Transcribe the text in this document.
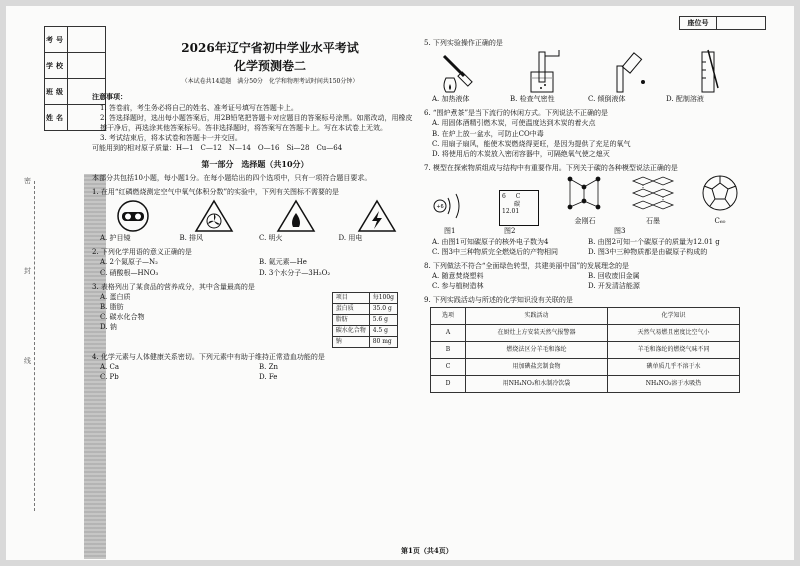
考号
学校
班级
姓名
密
封
线
座位号
2026年辽宁省初中学业水平考试
化学预测卷二
（本试卷共14道题　满分50分　化学和物理考试时间共150分钟）
注意事项：
1. 答卷前，考生务必将自己的姓名、准考证号填写在答题卡上。
2. 答选择题时，选出每小题答案后，用2B铅笔把答题卡对应题目的答案标号涂黑。如需改动，用橡皮擦干净后，再选涂其他答案标号。答非选择题时，将答案写在答题卡上。写在本试卷上无效。
3. 考试结束后，将本试卷和答题卡一并交回。
可能用到的相对原子质量：H—1　C—12　N—14　O—16　Si—28　Cu—64
第一部分　选择题（共10分）
本部分共包括10小题，每小题1分。在每小题给出的四个选项中，只有一项符合题目要求。
1. 在用“红磷燃烧测定空气中氧气体积分数”的实验中，下列有关图标不需要的是
A. 护目镜	B. 排风	C. 明火	D. 用电
2. 下列化学用语的意义正确的是
A. 2个氮原子—N₂	B. 氦元素—He
C. 硝酸根—HNO₃	D. 3个水分子—3H₂O₂
3. 表格列出了某食品的营养成分，其中含量最高的是
A. 蛋白质
B. 脂肪
C. 碳水化合物
D. 钠
项目	每100g
蛋白质	35.0 g
脂肪	5.6 g
碳水化合物	4.5 g
钠	80 mg
4. 化学元素与人体健康关系密切。下列元素中有助于维持正常造血功能的是
A. Ca	B. Zn
C. Pb	D. Fe
5. 下列实验操作正确的是
A. 加热液体	B. 检查气密性	C. 倾倒液体	D. 配制溶液
6. “围炉煮茶”是当下流行的休闲方式。下列说法不正确的是
A. 用固体酒精引燃木炭，可使温度达到木炭的着火点
B. 在炉上放一盆水，可防止CO中毒
C. 用扇子扇风，能使木炭燃烧得更旺，是因为提供了充足的氧气
D. 将使用后的木炭放入密闭容器中，可隔绝氧气使之熄灭
7. 模型在探索物质组成与结构中有重要作用。下列关于碳的各种模型说法正确的是
+6
6 C
碳
12.01
金刚石	石墨	C₆₀
图1	图2	图3
A. 由图1可知碳原子的核外电子数为4	B. 由图2可知一个碳原子的质量为12.01 g
C. 图3中三种物质完全燃烧后的产物相同	D. 图3中三种物质都是由碳原子构成的
8. 下列做法不符合“全面绿色转型，共建美丽中国”的发展理念的是
A. 随意焚烧塑料	B. 回收废旧金属
C. 参与植树造林	D. 开发清洁能源
9. 下列实践活动与所述的化学知识没有关联的是
选项	实践活动	化学知识
A	在厨灶上方安装天然气报警器	天然气易燃且密度比空气小
B	燃烧法区分羊毛和涤纶	羊毛和涤纶的燃烧气味不同
C	用加碘盐烹制食物	碘单质几乎不溶于水
D	用NH₄NO₃和水制冷饮袋	NH₄NO₃溶于水吸热
第1页（共4页）
